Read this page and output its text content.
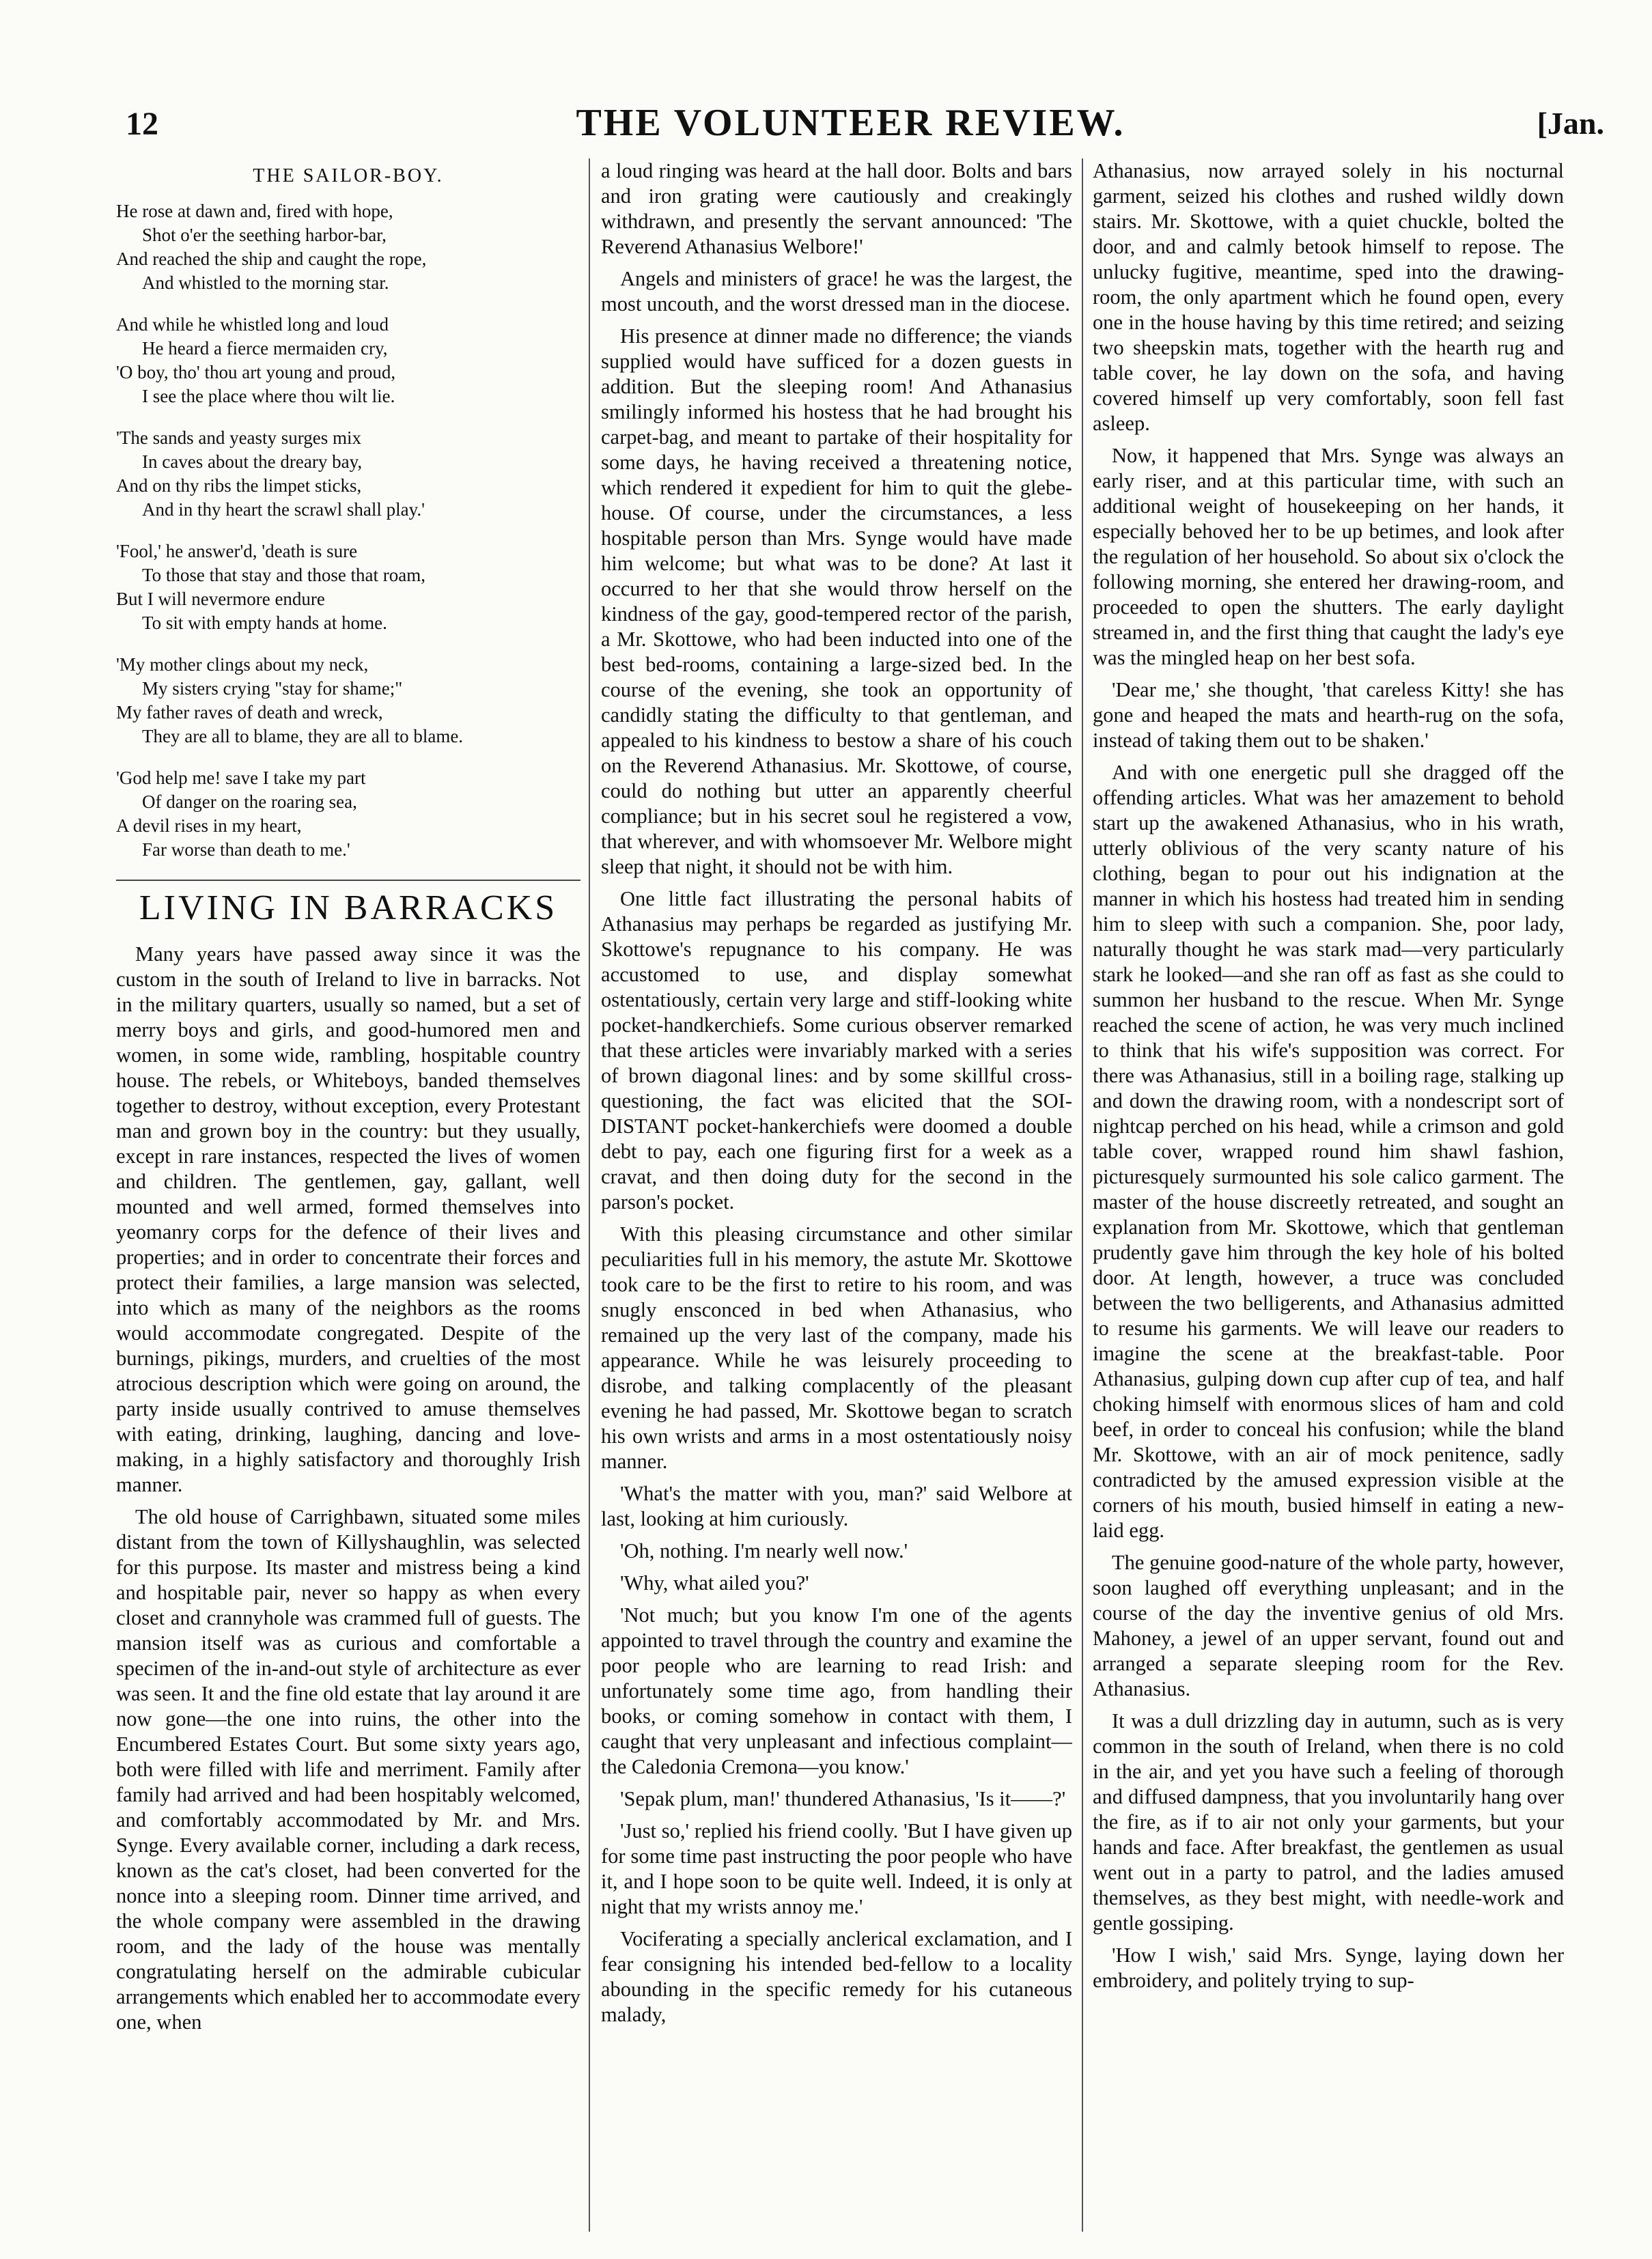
12	THE VOLUNTEER REVIEW.	[Jan.
THE SAILOR-BOY.

He rose at dawn and, fired with hope,

Shot o'er the seething harbor-bar,

And reached the ship and caught the rope,

And whistled to the morning star.

And while he whistled long and loud

He heard a fierce mermaiden cry,

'O boy, tho' thou art young and proud,

I see the place where thou wilt lie.

'The sands and yeasty surges mix

In caves about the dreary bay,

And on thy ribs the limpet sticks,

And in thy heart the scrawl shall play.'

'Fool,' he answer'd, 'death is sure

To those that stay and those that roam,

But I will nevermore endure

To sit with empty hands at home.

'My mother clings about my neck,

My sisters crying "stay for shame;"

My father raves of death and wreck,

They are all to blame, they are all to blame.

'God help me! save I take my part

Of danger on the roaring sea,

A devil rises in my heart,

Far worse than death to me.'

LIVING IN BARRACKS

Many years have passed away since it was the custom in the south of Ireland to live in barracks. Not in the military quarters, usually so named, but a set of merry boys and girls, and good-humored men and women, in some wide, rambling, hospitable country house. The rebels, or Whiteboys, banded themselves together to destroy, without exception, every Protestant man and grown boy in the country: but they usually, except in rare instances, respected the lives of women and children. The gentlemen, gay, gallant, well mounted and well armed, formed themselves into yeomanry corps for the defence of their lives and properties; and in order to concentrate their forces and protect their families, a large mansion was selected, into which as many of the neighbors as the rooms would accommodate congregated. Despite of the burnings, pikings, murders, and cruelties of the most atrocious description which were going on around, the party inside usually contrived to amuse themselves with eating, drinking, laughing, dancing and love-making, in a highly satisfactory and thoroughly Irish manner.

The old house of Carrighbawn, situated some miles distant from the town of Killyshaughlin, was selected for this purpose. Its master and mistress being a kind and hospitable pair, never so happy as when every closet and crannyhole was crammed full of guests. The mansion itself was as curious and comfortable a specimen of the in-and-out style of architecture as ever was seen. It and the fine old estate that lay around it are now gone—the one into ruins, the other into the Encumbered Estates Court. But some sixty years ago, both were filled with life and merriment. Family after family had arrived and had been hospitably welcomed, and comfortably accommodated by Mr. and Mrs. Synge. Every available corner, including a dark recess, known as the cat's closet, had been converted for the nonce into a sleeping room. Dinner time arrived, and the whole company were assembled in the drawing room, and the lady of the house was mentally congratulating herself on the admirable cubicular arrangements which enabled her to accommodate every one, when

a loud ringing was heard at the hall door. Bolts and bars and iron grating were cautiously and creakingly withdrawn, and presently the servant announced: 'The Reverend Athanasius Welbore!'

Angels and ministers of grace! he was the largest, the most uncouth, and the worst dressed man in the diocese.

His presence at dinner made no difference; the viands supplied would have sufficed for a dozen guests in addition. But the sleeping room! And Athanasius smilingly informed his hostess that he had brought his carpet-bag, and meant to partake of their hospitality for some days, he having received a threatening notice, which rendered it expedient for him to quit the glebe-house. Of course, under the circumstances, a less hospitable person than Mrs. Synge would have made him welcome; but what was to be done? At last it occurred to her that she would throw herself on the kindness of the gay, good-tempered rector of the parish, a Mr. Skottowe, who had been inducted into one of the best bed-rooms, containing a large-sized bed. In the course of the evening, she took an opportunity of candidly stating the difficulty to that gentleman, and appealed to his kindness to bestow a share of his couch on the Reverend Athanasius. Mr. Skottowe, of course, could do nothing but utter an apparently cheerful compliance; but in his secret soul he registered a vow, that wherever, and with whomsoever Mr. Welbore might sleep that night, it should not be with him.

One little fact illustrating the personal habits of Athanasius may perhaps be regarded as justifying Mr. Skottowe's repugnance to his company. He was accustomed to use, and display somewhat ostentatiously, certain very large and stiff-looking white pocket-handkerchiefs. Some curious observer remarked that these articles were invariably marked with a series of brown diagonal lines: and by some skillful cross-questioning, the fact was elicited that the SOI-DISTANT pocket-hankerchiefs were doomed a double debt to pay, each one figuring first for a week as a cravat, and then doing duty for the second in the parson's pocket.

With this pleasing circumstance and other similar peculiarities full in his memory, the astute Mr. Skottowe took care to be the first to retire to his room, and was snugly ensconced in bed when Athanasius, who remained up the very last of the company, made his appearance. While he was leisurely proceeding to disrobe, and talking complacently of the pleasant evening he had passed, Mr. Skottowe began to scratch his own wrists and arms in a most ostentatiously noisy manner.

'What's the matter with you, man?' said Welbore at last, looking at him curiously.

'Oh, nothing. I'm nearly well now.'

'Why, what ailed you?'

'Not much; but you know I'm one of the agents appointed to travel through the country and examine the poor people who are learning to read Irish: and unfortunately some time ago, from handling their books, or coming somehow in contact with them, I caught that very unpleasant and infectious complaint—the Caledonia Cremona—you know.'

'Sepak plum, man!' thundered Athanasius, 'Is it——?'

'Just so,' replied his friend coolly. 'But I have given up for some time past instructing the poor people who have it, and I hope soon to be quite well. Indeed, it is only at night that my wrists annoy me.'

Vociferating a specially anclerical exclamation, and I fear consigning his intended bed-fellow to a locality abounding in the specific remedy for his cutaneous malady,

Athanasius, now arrayed solely in his nocturnal garment, seized his clothes and rushed wildly down stairs. Mr. Skottowe, with a quiet chuckle, bolted the door, and and calmly betook himself to repose. The unlucky fugitive, meantime, sped into the drawing-room, the only apartment which he found open, every one in the house having by this time retired; and seizing two sheepskin mats, together with the hearth rug and table cover, he lay down on the sofa, and having covered himself up very comfortably, soon fell fast asleep.

Now, it happened that Mrs. Synge was always an early riser, and at this particular time, with such an additional weight of housekeeping on her hands, it especially behoved her to be up betimes, and look after the regulation of her household. So about six o'clock the following morning, she entered her drawing-room, and proceeded to open the shutters. The early daylight streamed in, and the first thing that caught the lady's eye was the mingled heap on her best sofa.

'Dear me,' she thought, 'that careless Kitty! she has gone and heaped the mats and hearth-rug on the sofa, instead of taking them out to be shaken.'

And with one energetic pull she dragged off the offending articles. What was her amazement to behold start up the awakened Athanasius, who in his wrath, utterly oblivious of the very scanty nature of his clothing, began to pour out his indignation at the manner in which his hostess had treated him in sending him to sleep with such a companion. She, poor lady, naturally thought he was stark mad—very particularly stark he looked—and she ran off as fast as she could to summon her husband to the rescue. When Mr. Synge reached the scene of action, he was very much inclined to think that his wife's supposition was correct. For there was Athanasius, still in a boiling rage, stalking up and down the drawing room, with a nondescript sort of nightcap perched on his head, while a crimson and gold table cover, wrapped round him shawl fashion, picturesquely surmounted his sole calico garment. The master of the house discreetly retreated, and sought an explanation from Mr. Skottowe, which that gentleman prudently gave him through the key hole of his bolted door. At length, however, a truce was concluded between the two belligerents, and Athanasius admitted to resume his garments. We will leave our readers to imagine the scene at the breakfast-table. Poor Athanasius, gulping down cup after cup of tea, and half choking himself with enormous slices of ham and cold beef, in order to conceal his confusion; while the bland Mr. Skottowe, with an air of mock penitence, sadly contradicted by the amused expression visible at the corners of his mouth, busied himself in eating a new-laid egg.

The genuine good-nature of the whole party, however, soon laughed off everything unpleasant; and in the course of the day the inventive genius of old Mrs. Mahoney, a jewel of an upper servant, found out and arranged a separate sleeping room for the Rev. Athanasius.

It was a dull drizzling day in autumn, such as is very common in the south of Ireland, when there is no cold in the air, and yet you have such a feeling of thorough and diffused dampness, that you involuntarily hang over the fire, as if to air not only your garments, but your hands and face. After breakfast, the gentlemen as usual went out in a party to patrol, and the ladies amused themselves, as they best might, with needle-work and gentle gossiping.

'How I wish,' said Mrs. Synge, laying down her embroidery, and politely trying to sup-
